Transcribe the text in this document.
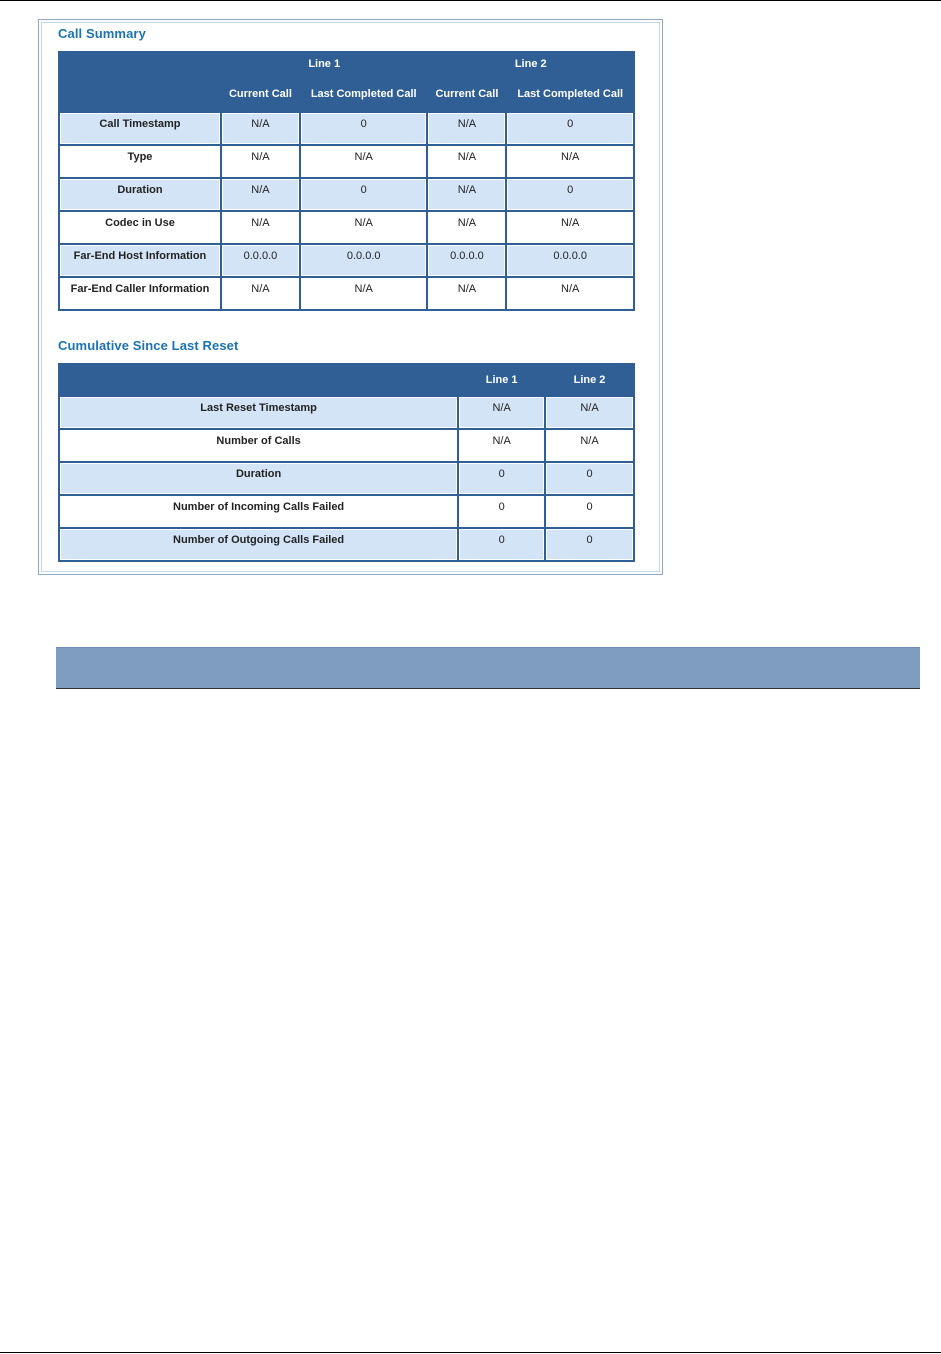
Call Summary
	Line 1		Line 2	
	Current Call	Last Completed Call	Current Call	Last Completed Call
Call Timestamp	N/A	0	N/A	0
Type	N/A	N/A	N/A	N/A
Duration	N/A	0	N/A	0
Codec in Use	N/A	N/A	N/A	N/A
Far-End Host Information	0.0.0.0	0.0.0.0	0.0.0.0	0.0.0.0
Far-End Caller Information	N/A	N/A	N/A	N/A
Cumulative Since Last Reset
	Line 1	Line 2
Last Reset Timestamp	N/A	N/A
Number of Calls	N/A	N/A
Duration	0	0
Number of Incoming Calls Failed	0	0
Number of Outgoing Calls Failed	0	0
